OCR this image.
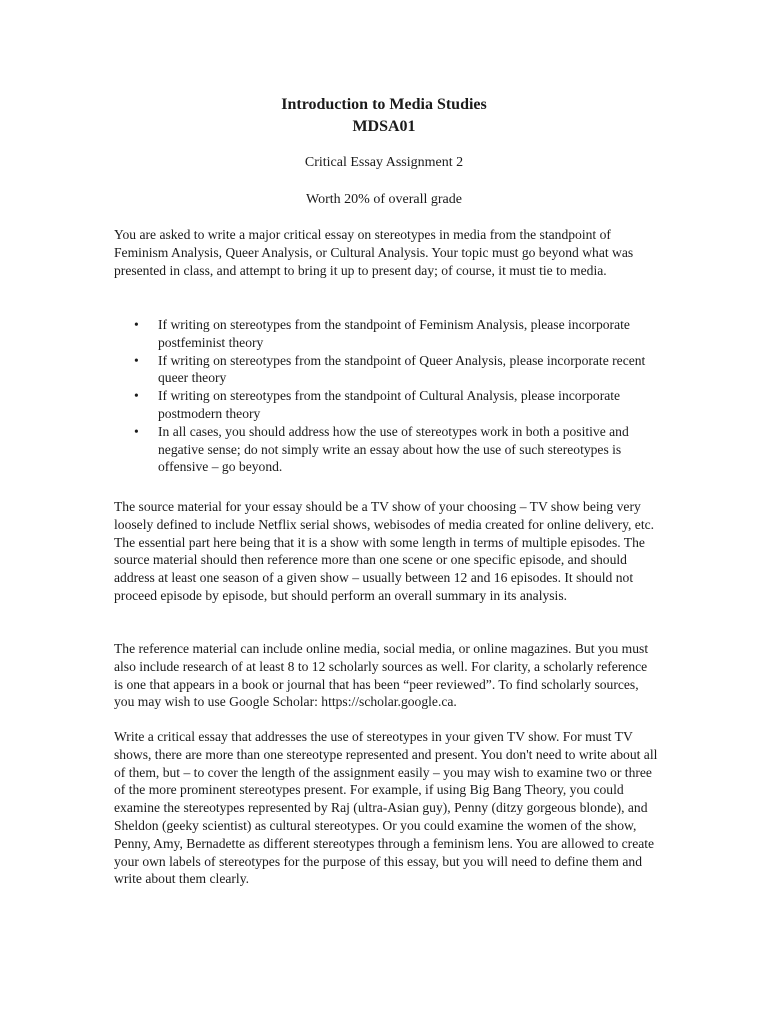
Introduction to Media Studies
MDSA01
Critical Essay Assignment 2
Worth 20% of overall grade

You are asked to write a major critical essay on stereotypes in media from the standpoint of Feminism Analysis, Queer Analysis, or Cultural Analysis. Your topic must go beyond what was presented in class, and attempt to bring it up to present day; of course, it must tie to media.

• If writing on stereotypes from the standpoint of Feminism Analysis, please incorporate postfeminist theory
• If writing on stereotypes from the standpoint of Queer Analysis, please incorporate recent queer theory
• If writing on stereotypes from the standpoint of Cultural Analysis, please incorporate postmodern theory
• In all cases, you should address how the use of stereotypes work in both a positive and negative sense; do not simply write an essay about how the use of such stereotypes is offensive – go beyond.

The source material for your essay should be a TV show of your choosing – TV show being very loosely defined to include Netflix serial shows, webisodes of media created for online delivery, etc. The essential part here being that it is a show with some length in terms of multiple episodes. The source material should then reference more than one scene or one specific episode, and should address at least one season of a given show – usually between 12 and 16 episodes. It should not proceed episode by episode, but should perform an overall summary in its analysis.

The reference material can include online media, social media, or online magazines. But you must also include research of at least 8 to 12 scholarly sources as well. For clarity, a scholarly reference is one that appears in a book or journal that has been “peer reviewed”. To find scholarly sources, you may wish to use Google Scholar: https://scholar.google.ca.

Write a critical essay that addresses the use of stereotypes in your given TV show. For must TV shows, there are more than one stereotype represented and present. You don't need to write about all of them, but – to cover the length of the assignment easily – you may wish to examine two or three of the more prominent stereotypes present. For example, if using Big Bang Theory, you could examine the stereotypes represented by Raj (ultra-Asian guy), Penny (ditzy gorgeous blonde), and Sheldon (geeky scientist) as cultural stereotypes. Or you could examine the women of the show, Penny, Amy, Bernadette as different stereotypes through a feminism lens. You are allowed to create your own labels of stereotypes for the purpose of this essay, but you will need to define them and write about them clearly.
